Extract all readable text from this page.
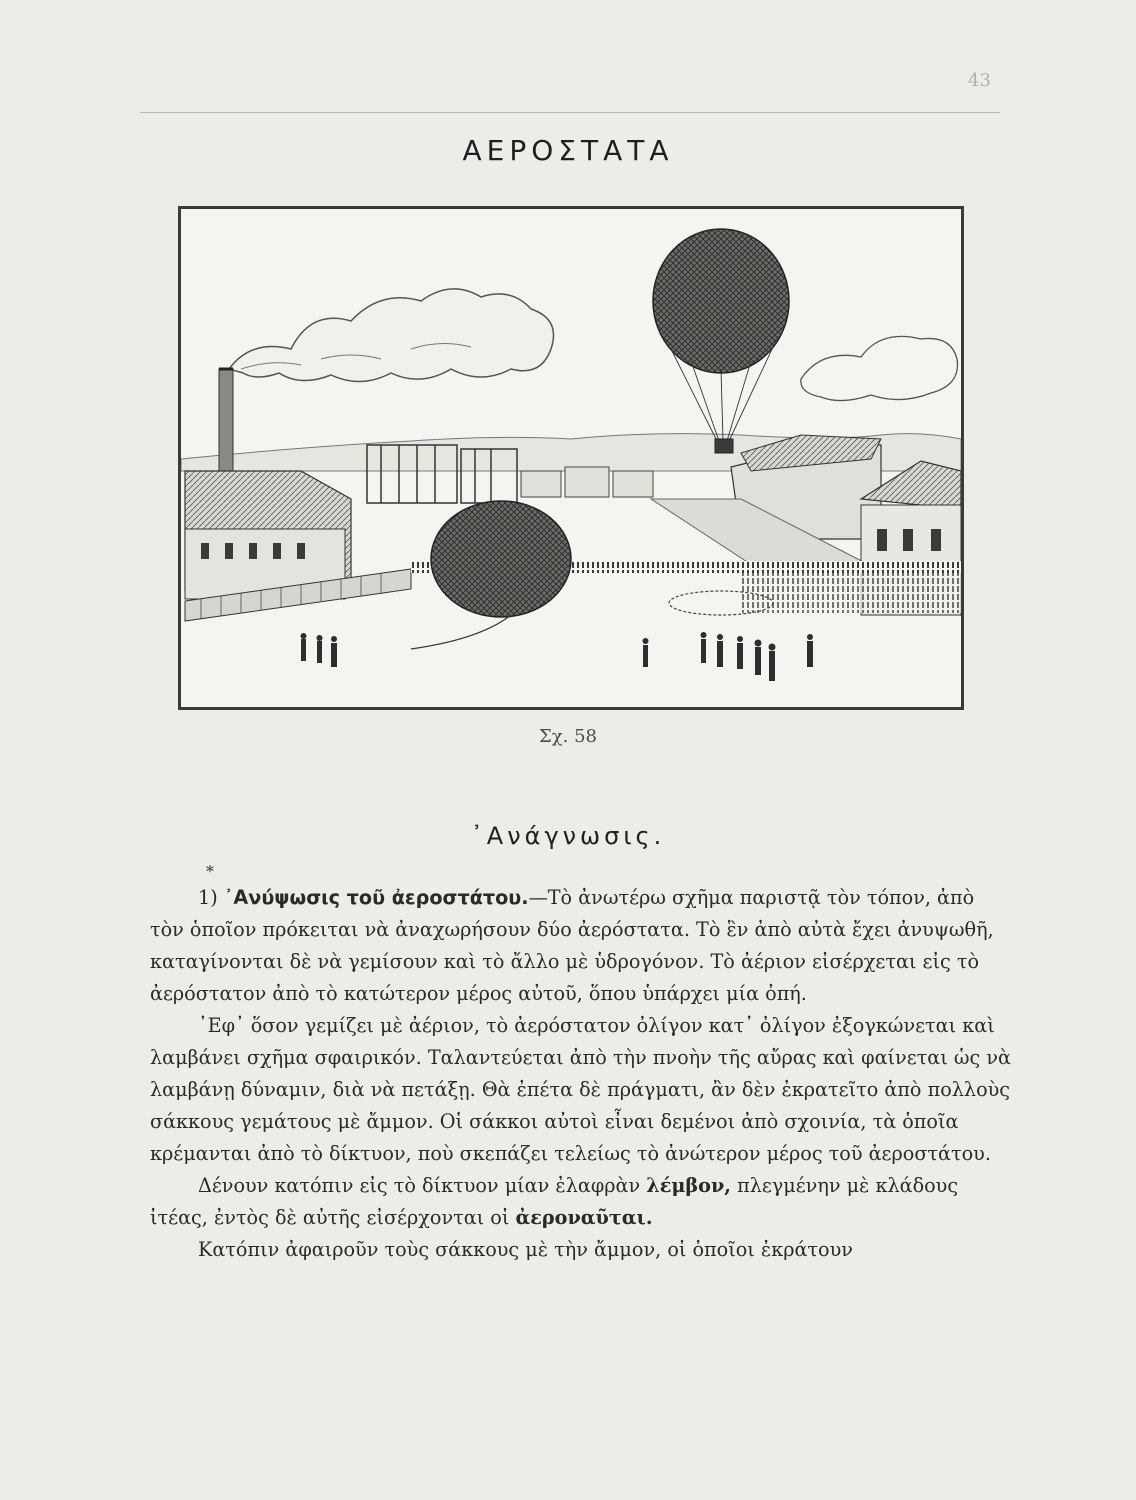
43
ΑΕΡΟΣΤΑΤΑ
Σχ. 58
᾿Ανάγνωσις.
*

1) ᾿Ανύψωσις τοῦ ἀεροστάτου.—Τὸ ἀνωτέρω σχῆμα παριστᾷ τὸν τόπον, ἀπὸ τὸν ὁποῖον πρόκειται νὰ ἀναχωρήσουν δύο ἀερόστατα. Τὸ ἓν ἀπὸ αὐτὰ ἔχει ἀνυψωθῆ, καταγίνονται δὲ νὰ γεμίσουν καὶ τὸ ἄλλο μὲ ὑδρογόνον. Τὸ ἀέριον εἰσέρχεται εἰς τὸ ἀερόστατον ἀπὸ τὸ κατώτερον μέρος αὐτοῦ, ὅπου ὑπάρχει μία ὀπή.

᾿Εφ᾿ ὅσον γεμίζει μὲ ἀέριον, τὸ ἀερόστατον ὀλίγον κατ᾿ ὀλίγον ἐξογκώνεται καὶ λαμβάνει σχῆμα σφαιρικόν. Ταλαντεύεται ἀπὸ τὴν πνοὴν τῆς αὔρας καὶ φαίνεται ὡς νὰ λαμβάνῃ δύναμιν, διὰ νὰ πετάξῃ. Θὰ ἐπέτα δὲ πράγματι, ἂν δὲν ἐκρατεῖτο ἀπὸ πολλοὺς σάκκους γεμάτους μὲ ἄμμον. Οἱ σάκκοι αὐτοὶ εἶναι δεμένοι ἀπὸ σχοινία, τὰ ὁποῖα κρέμανται ἀπὸ τὸ δίκτυον, ποὺ σκεπάζει τελείως τὸ ἀνώτερον μέρος τοῦ ἀεροστάτου.

Δένουν κατόπιν εἰς τὸ δίκτυον μίαν ἐλαφρὰν λέμβον, πλεγμένην μὲ κλάδους ἰτέας, ἐντὸς δὲ αὐτῆς εἰσέρχονται οἱ ἀεροναῦται.

Κατόπιν ἀφαιροῦν τοὺς σάκκους μὲ τὴν ἄμμον, οἱ ὁποῖοι ἐκράτουν
